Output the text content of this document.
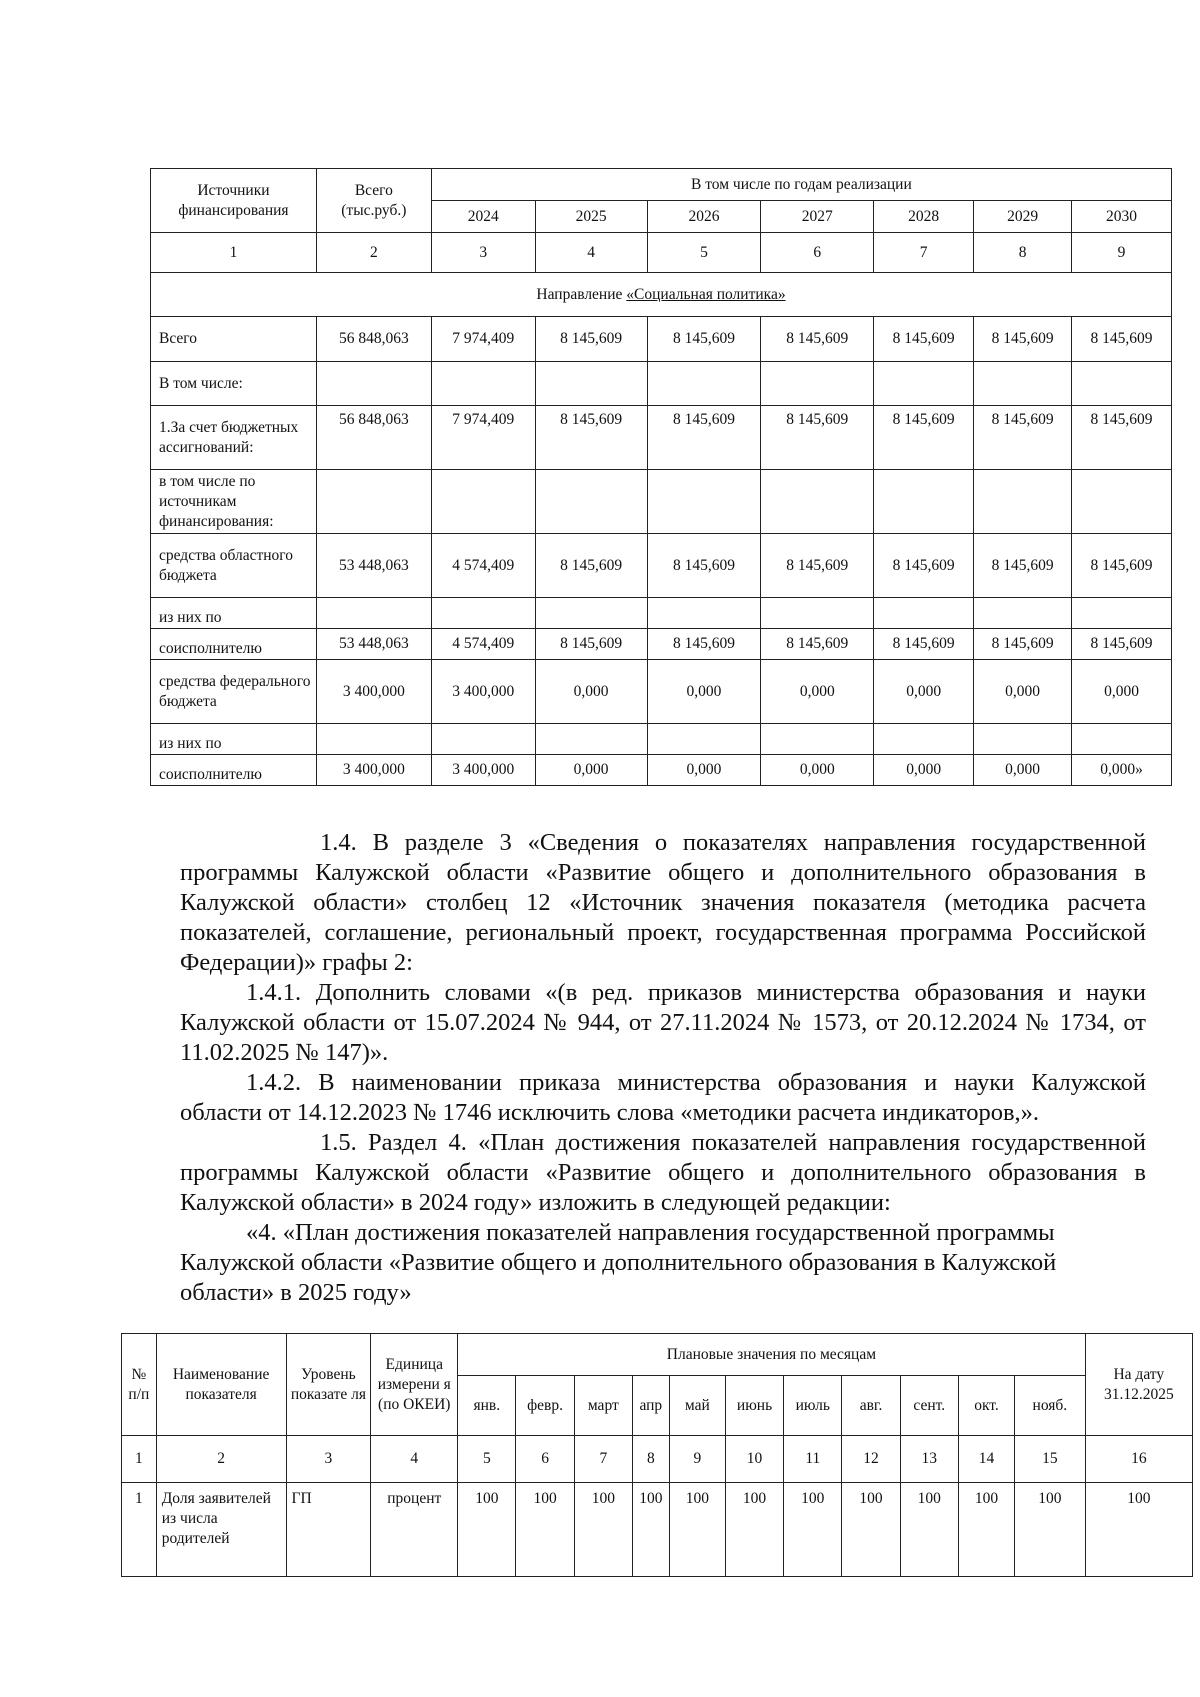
Источники финансирования	Всего (тыс.руб.)	В том числе по годам реализации						
		2024	2025	2026	2027	2028	2029	2030
1	2	3	4	5	6	7	8	9
Направление «Социальная политика»								
Всего	56 848,063	7 974,409	8 145,609	8 145,609	8 145,609	8 145,609	8 145,609	8 145,609
В том числе:								
1.За счет бюджетных ассигнований:	56 848,063	7 974,409	8 145,609	8 145,609	8 145,609	8 145,609	8 145,609	8 145,609
в том числе по источникам финансирования:								
средства областного бюджета	53 448,063	4 574,409	8 145,609	8 145,609	8 145,609	8 145,609	8 145,609	8 145,609
из них по								
соисполнителю	53 448,063	4 574,409	8 145,609	8 145,609	8 145,609	8 145,609	8 145,609	8 145,609
средства федерального бюджета	3 400,000	3 400,000	0,000	0,000	0,000	0,000	0,000	0,000
из них по								
соисполнителю	3 400,000	3 400,000	0,000	0,000	0,000	0,000	0,000	0,000»

1.4. В разделе 3 «Сведения о показателях направления государственной программы Калужской области «Развитие общего и дополнительного образования в Калужской области» столбец 12 «Источник значения показателя (методика расчета показателей, соглашение, региональный проект, государственная программа Российской Федерации)» графы 2:

1.4.1. Дополнить словами «(в ред. приказов министерства образования и науки Калужской области от 15.07.2024 № 944, от 27.11.2024 № 1573, от 20.12.2024 № 1734, от 11.02.2025 № 147)».

1.4.2. В наименовании приказа министерства образования и науки Калужской области от 14.12.2023 № 1746 исключить слова «методики расчета индикаторов,».

1.5. Раздел 4. «План достижения показателей направления государственной программы Калужской области «Развитие общего и дополнительного образования в Калужской области» в 2024 году» изложить в следующей редакции:

«4. «План достижения показателей направления государственной программы Калужской области «Развитие общего и дополнительного образования в Калужской области» в 2025 году»

№ п/п	Наименование показателя	Уровень показате ля	Единица измерени я (по ОКЕИ)	Плановые значения по месяцам											На дату 31.12.2025
				янв.	февр.	март	апр	май	июнь	июль	авг.	сент.	окт.	нояб.	
1	2	3	4	5	6	7	8	9	10	11	12	13	14	15	16
1	Доля заявителей из числа родителей	ГП	процент	100	100	100	100	100	100	100	100	100	100	100	100
